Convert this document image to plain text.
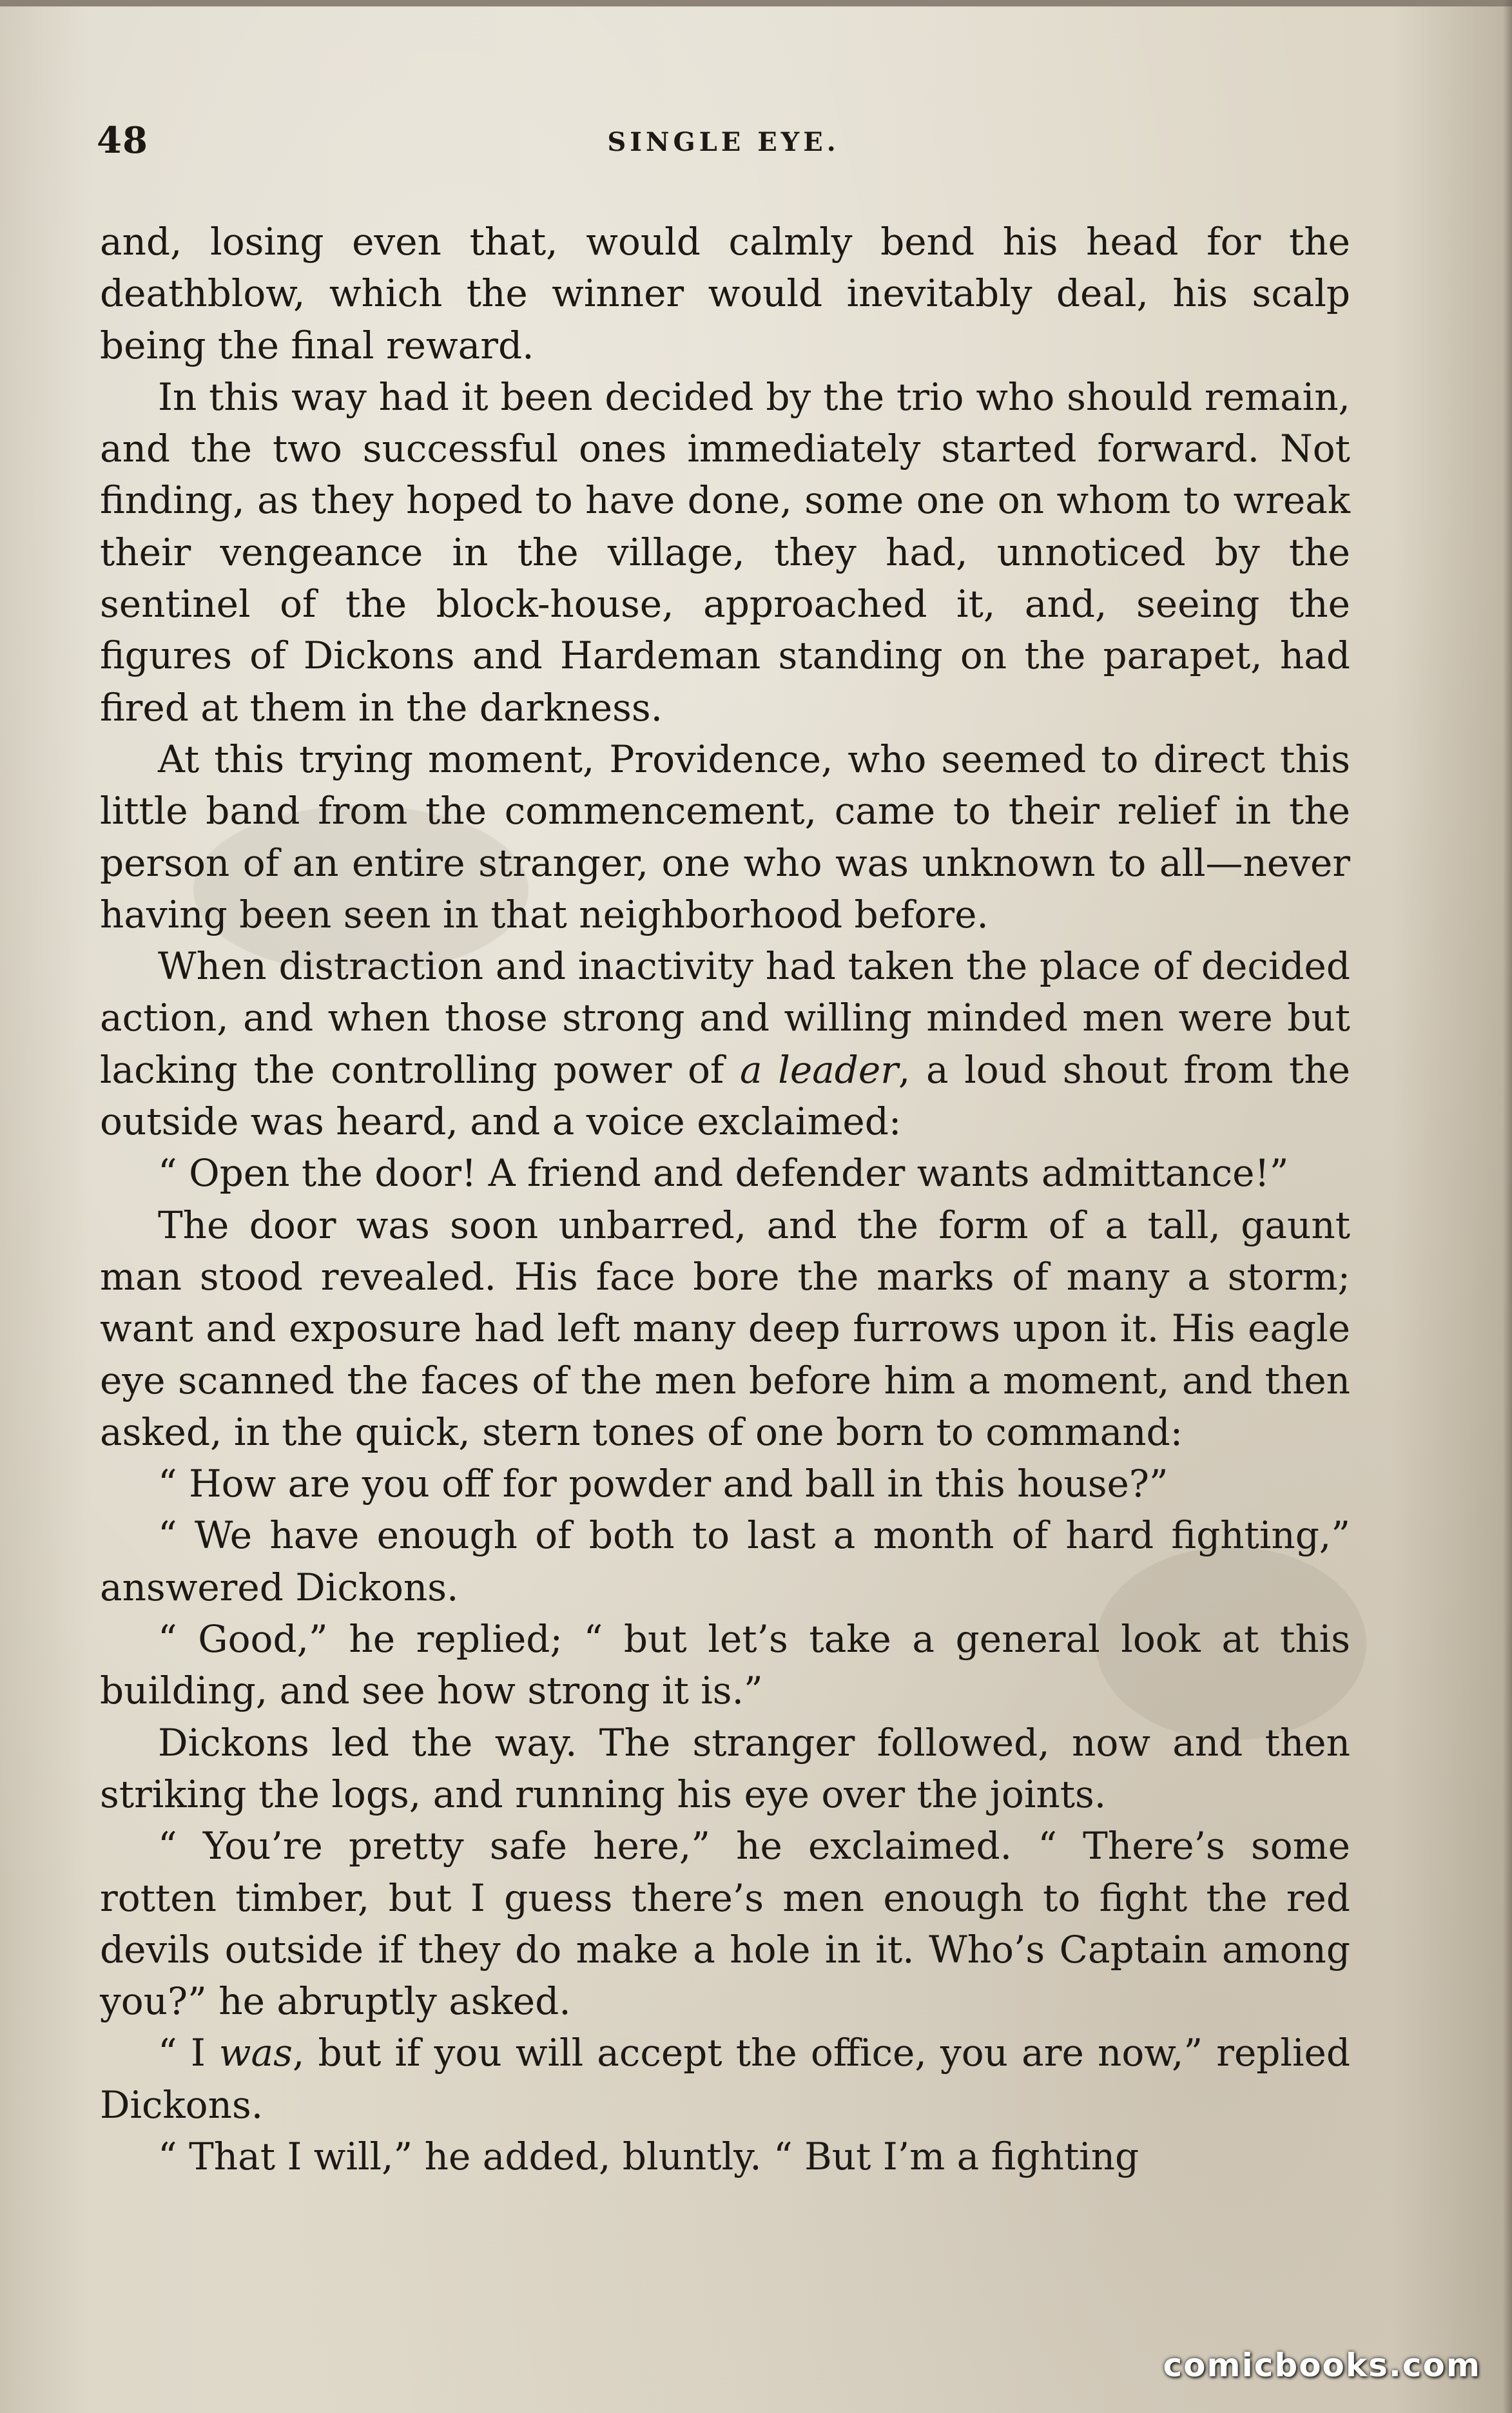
48	SINGLE EYE.

and, losing even that, would calmly bend his head for the deathblow, which the winner would inevitably deal, his scalp being the final reward.

In this way had it been decided by the trio who should remain, and the two successful ones immediately started forward. Not finding, as they hoped to have done, some one on whom to wreak their vengeance in the village, they had, unnoticed by the sentinel of the block-house, approached it, and, seeing the figures of Dickons and Hardeman standing on the parapet, had fired at them in the darkness.

At this trying moment, Providence, who seemed to direct this little band from the commencement, came to their relief in the person of an entire stranger, one who was unknown to all—never having been seen in that neighborhood before.

When distraction and inactivity had taken the place of decided action, and when those strong and willing minded men were but lacking the controlling power of a leader, a loud shout from the outside was heard, and a voice exclaimed:

“ Open the door! A friend and defender wants admittance!”

The door was soon unbarred, and the form of a tall, gaunt man stood revealed. His face bore the marks of many a storm; want and exposure had left many deep furrows upon it. His eagle eye scanned the faces of the men before him a moment, and then asked, in the quick, stern tones of one born to command:

“ How are you off for powder and ball in this house?”

“ We have enough of both to last a month of hard fighting,” answered Dickons.

“ Good,” he replied; “ but let’s take a general look at this building, and see how strong it is.”

Dickons led the way. The stranger followed, now and then striking the logs, and running his eye over the joints.

“ You’re pretty safe here,” he exclaimed. “ There’s some rotten timber, but I guess there’s men enough to fight the red devils outside if they do make a hole in it. Who’s Captain among you?” he abruptly asked.

“ I was, but if you will accept the office, you are now,” replied Dickons.

“ That I will,” he added, bluntly. “ But I’m a fighting

comicbooks.com
